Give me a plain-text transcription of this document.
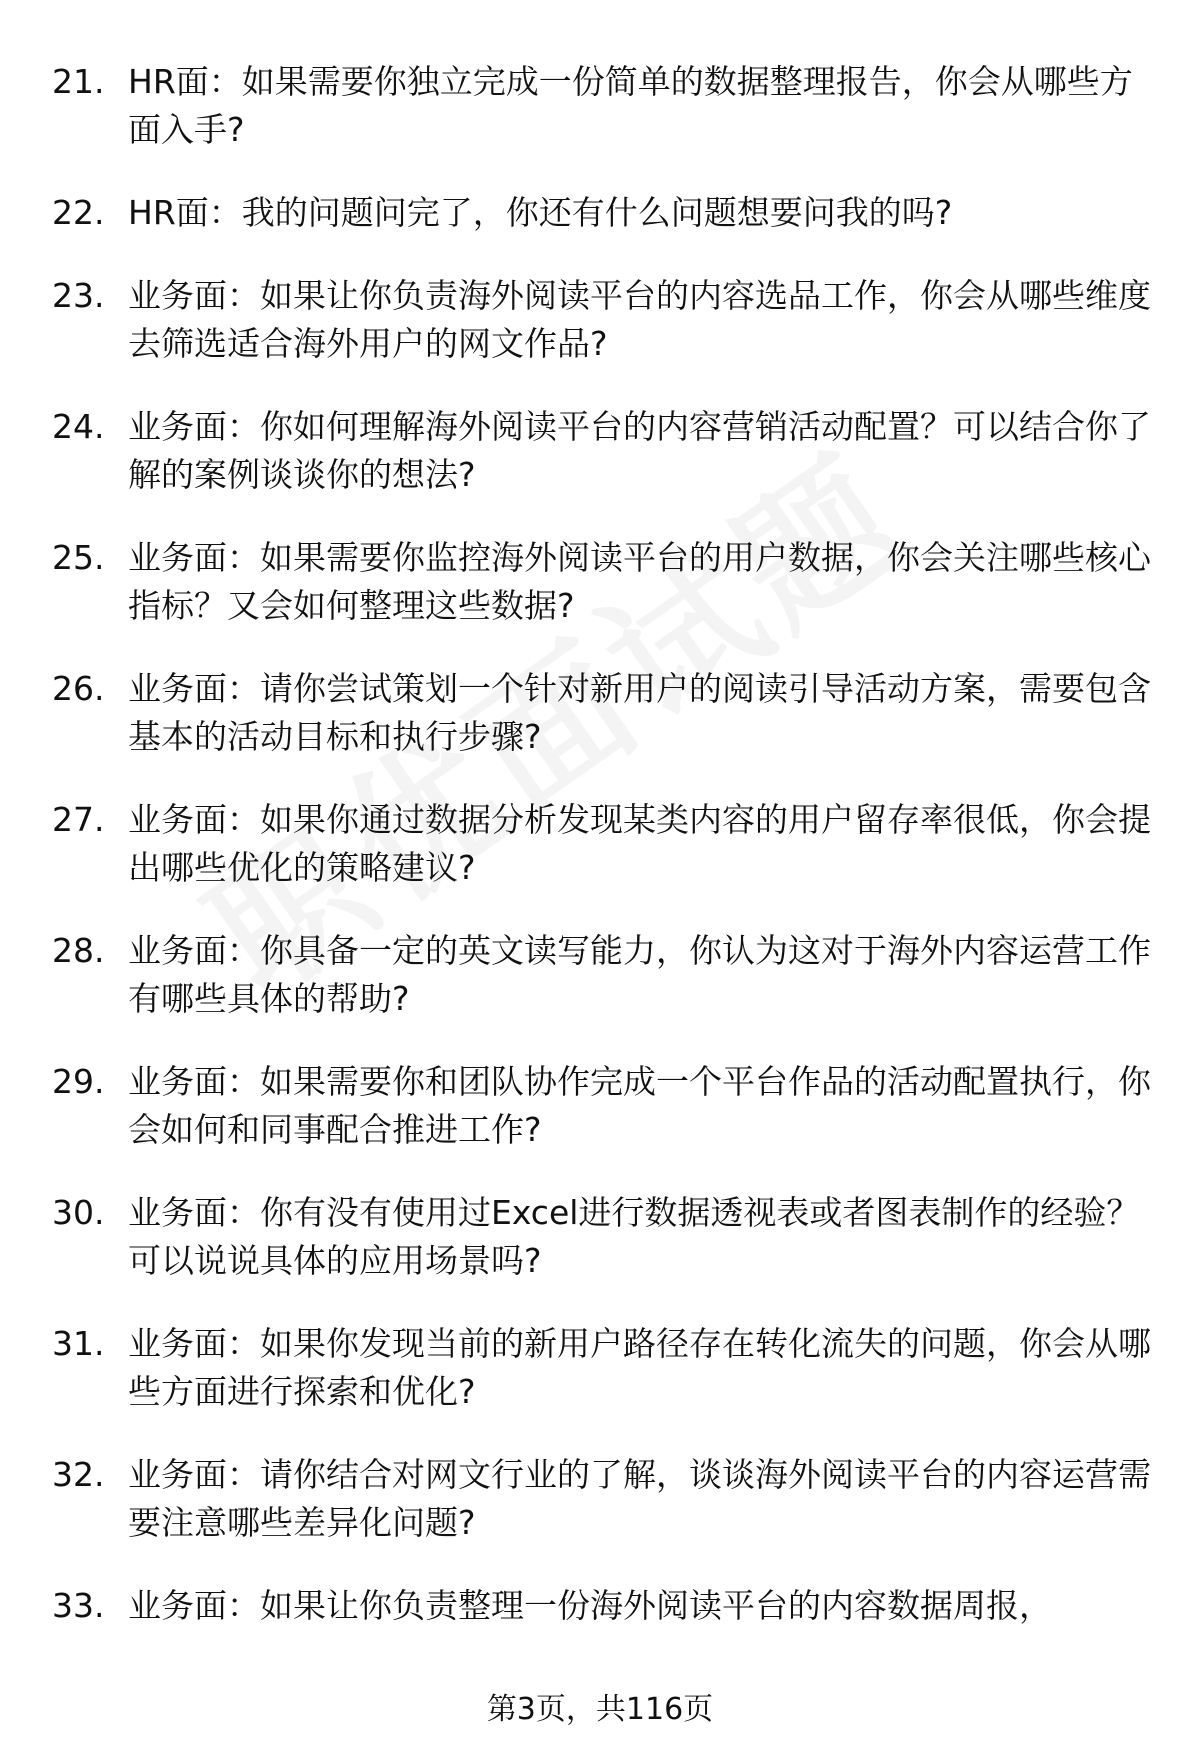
21. HR面：如果需要你独立完成一份简单的数据整理报告，你会从哪些方面入手?
22. HR面：我的问题问完了，你还有什么问题想要问我的吗?
23. 业务面：如果让你负责海外阅读平台的内容选品工作，你会从哪些维度去筛选适合海外用户的网文作品?
24. 业务面：你如何理解海外阅读平台的内容营销活动配置？可以结合你了解的案例谈谈你的想法?
25. 业务面：如果需要你监控海外阅读平台的用户数据，你会关注哪些核心指标？又会如何整理这些数据?
26. 业务面：请你尝试策划一个针对新用户的阅读引导活动方案，需要包含基本的活动目标和执行步骤?
27. 业务面：如果你通过数据分析发现某类内容的用户留存率很低，你会提出哪些优化的策略建议?
28. 业务面：你具备一定的英文读写能力，你认为这对于海外内容运营工作有哪些具体的帮助?
29. 业务面：如果需要你和团队协作完成一个平台作品的活动配置执行，你会如何和同事配合推进工作?
30. 业务面：你有没有使用过Excel进行数据透视表或者图表制作的经验？可以说说具体的应用场景吗?
31. 业务面：如果你发现当前的新用户路径存在转化流失的问题，你会从哪些方面进行探索和优化?
32. 业务面：请你结合对网文行业的了解，谈谈海外阅读平台的内容运营需要注意哪些差异化问题?
33. 业务面：如果让你负责整理一份海外阅读平台的内容数据周报，
第3页，共116页
